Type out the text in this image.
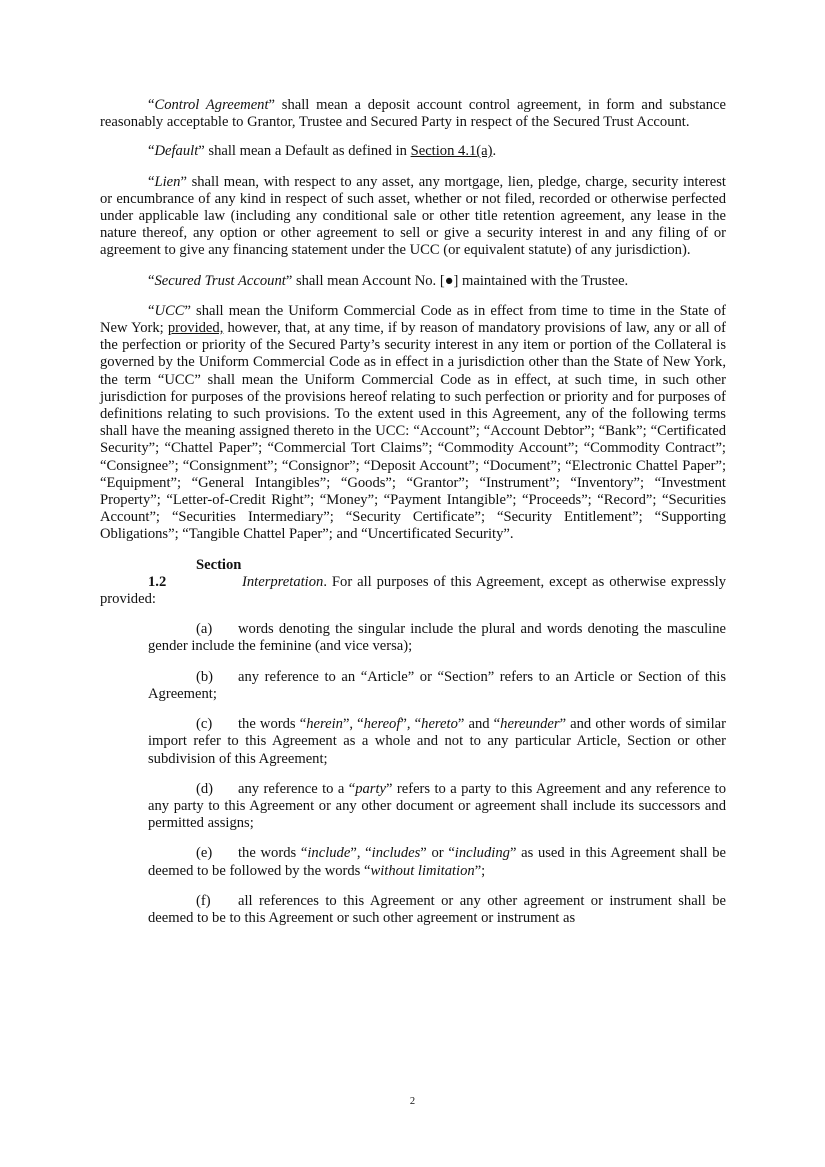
“Control Agreement” shall mean a deposit account control agreement, in form and substance reasonably acceptable to Grantor, Trustee and Secured Party in respect of the Secured Trust Account.

“Default” shall mean a Default as defined in Section 4.1(a).

“Lien” shall mean, with respect to any asset, any mortgage, lien, pledge, charge, security interest or encumbrance of any kind in respect of such asset, whether or not filed, recorded or otherwise perfected under applicable law (including any conditional sale or other title retention agreement, any lease in the nature thereof, any option or other agreement to sell or give a security interest in and any filing of or agreement to give any financing statement under the UCC (or equivalent statute) of any jurisdiction).

“Secured Trust Account” shall mean Account No. [●] maintained with the Trustee.

“UCC” shall mean the Uniform Commercial Code as in effect from time to time in the State of New York; provided, however, that, at any time, if by reason of mandatory provisions of law, any or all of the perfection or priority of the Secured Party’s security interest in any item or portion of the Collateral is governed by the Uniform Commercial Code as in effect in a jurisdiction other than the State of New York, the term “UCC” shall mean the Uniform Commercial Code as in effect, at such time, in such other jurisdiction for purposes of the provisions hereof relating to such perfection or priority and for purposes of definitions relating to such provisions. To the extent used in this Agreement, any of the following terms shall have the meaning assigned thereto in the UCC: “Account”; “Account Debtor”; “Bank”; “Certificated Security”; “Chattel Paper”; “Commercial Tort Claims”; “Commodity Account”; “Commodity Contract”; “Consignee”; “Consignment”; “Consignor”; “Deposit Account”; “Document”; “Electronic Chattel Paper”; “Equipment”; “General Intangibles”; “Goods”; “Grantor”; “Instrument”; “Inventory”; “Investment Property”; “Letter-of-Credit Right”; “Money”; “Payment Intangible”; “Proceeds”; “Record”; “Securities Account”; “Securities Intermediary”; “Security Certificate”; “Security Entitlement”; “Supporting Obligations”; “Tangible Chattel Paper”; and “Uncertificated Security”.

Section 1.2	Interpretation. For all purposes of this Agreement, except as otherwise expressly provided:

(a) words denoting the singular include the plural and words denoting the masculine gender include the feminine (and vice versa);

(b) any reference to an “Article” or “Section” refers to an Article or Section of this Agreement;

(c) the words “herein”, “hereof”, “hereto” and “hereunder” and other words of similar import refer to this Agreement as a whole and not to any particular Article, Section or other subdivision of this Agreement;

(d) any reference to a “party” refers to a party to this Agreement and any reference to any party to this Agreement or any other document or agreement shall include its successors and permitted assigns;

(e) the words “include”, “includes” or “including” as used in this Agreement shall be deemed to be followed by the words “without limitation”;

(f) all references to this Agreement or any other agreement or instrument shall be deemed to be to this Agreement or such other agreement or instrument as

2
